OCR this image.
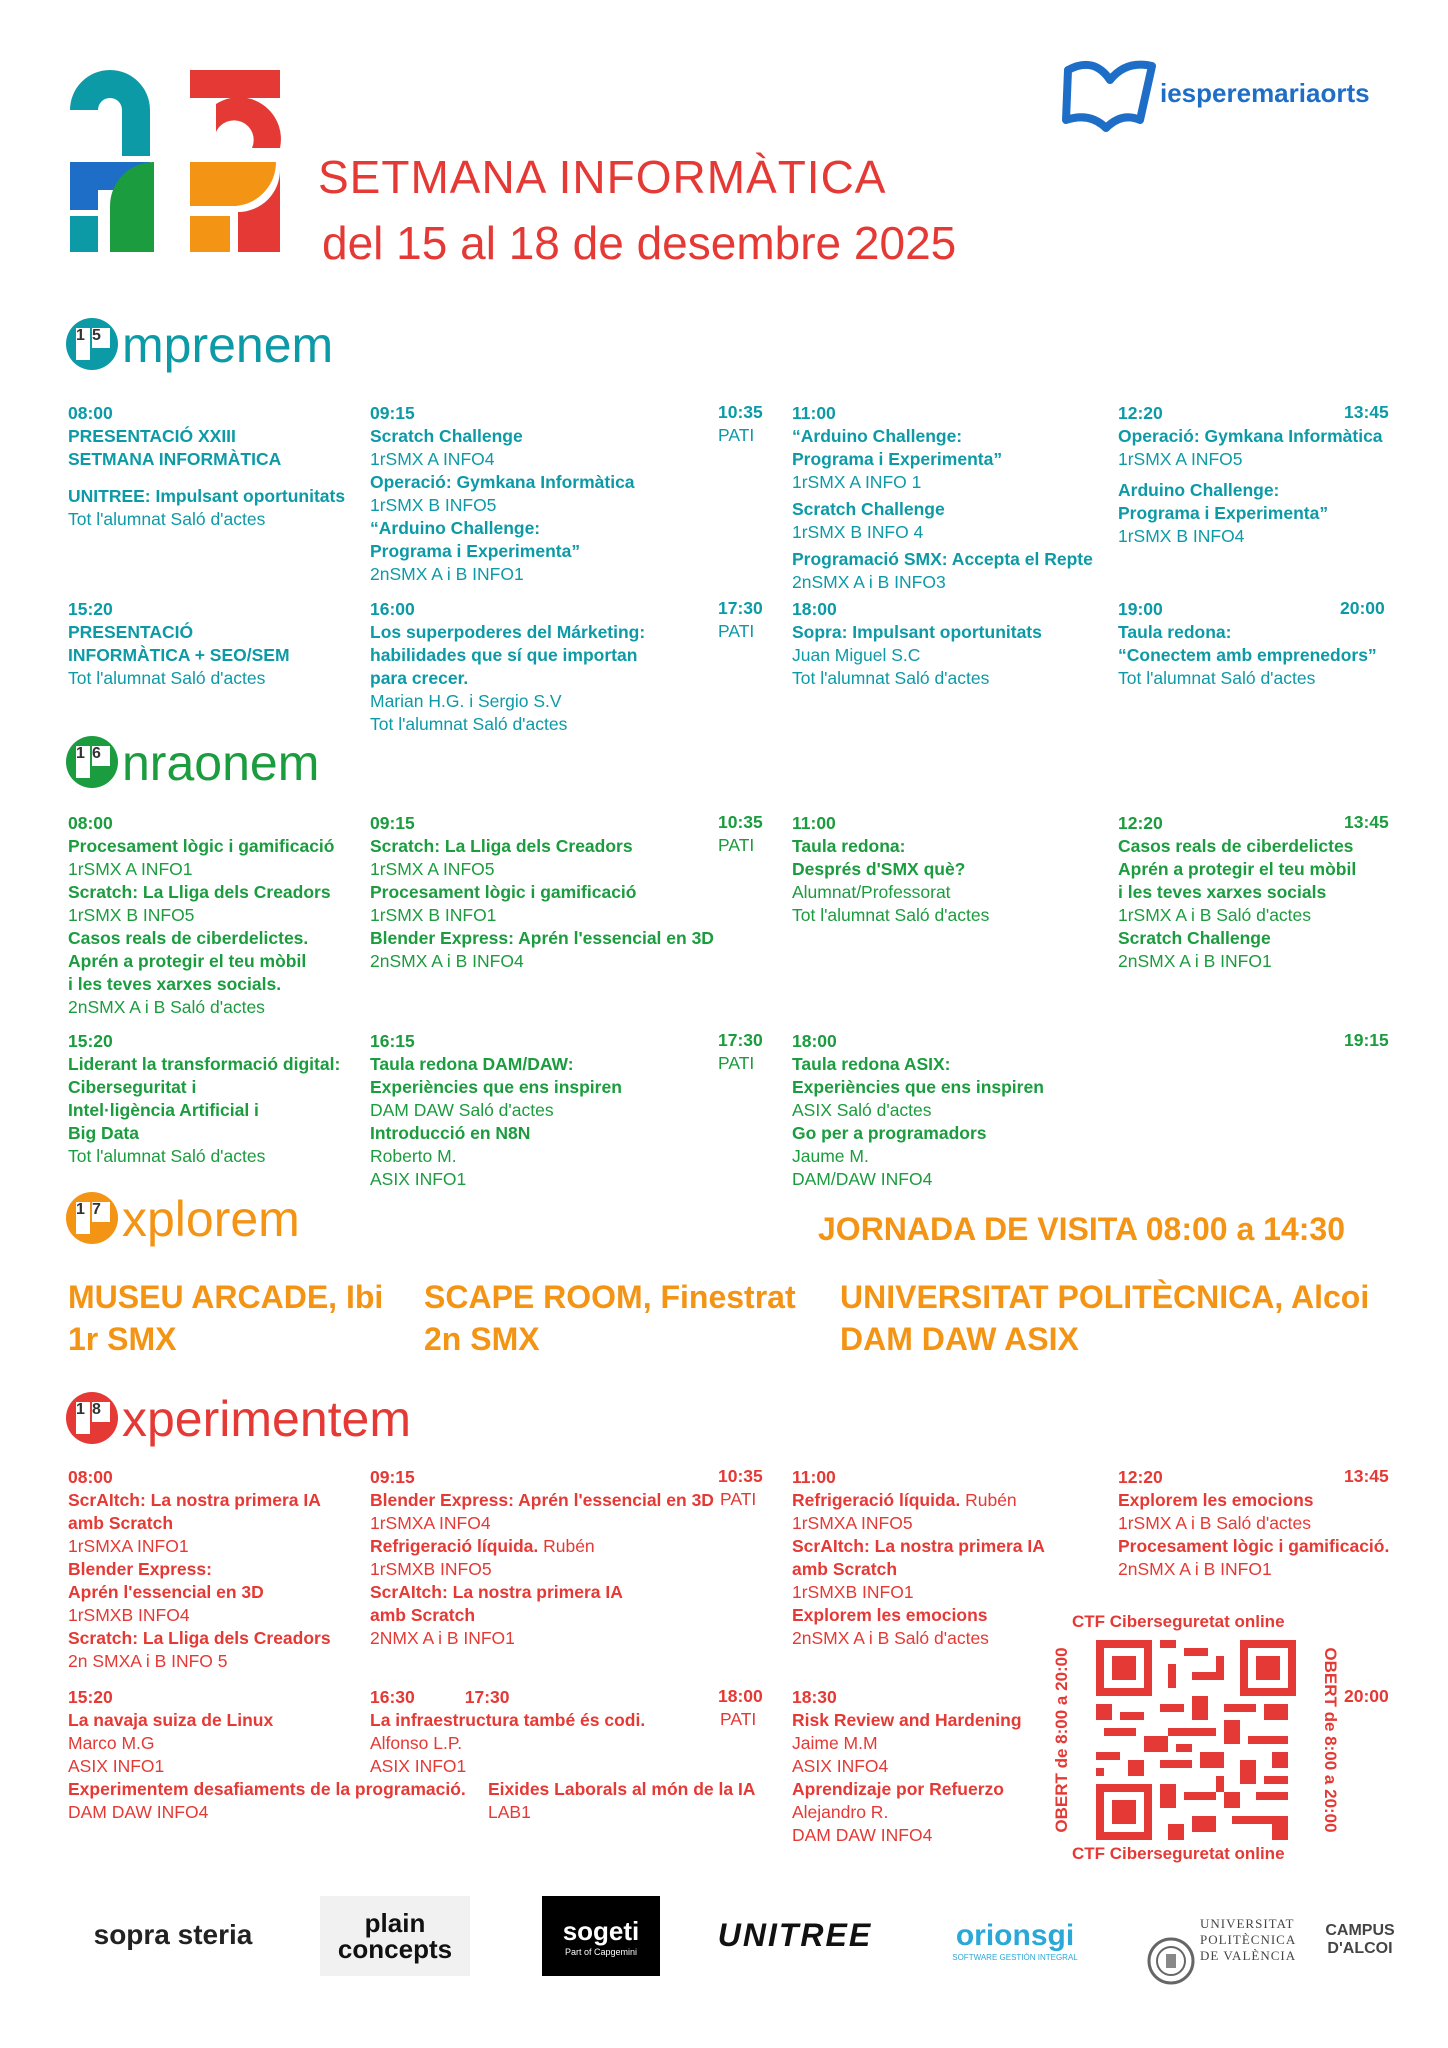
SETMANA INFORMÀTICA
del 15 al 18 de desembre 2025
iesperemariaorts
1 5 mprenem
08:00
PRESENTACIÓ XXIII
SETMANA INFORMÀTICA
UNITREE: Impulsant oportunitats
Tot l'alumnat Saló d'actes
09:15
Scratch Challenge
1rSMX A INFO4
Operació: Gymkana Informàtica
1rSMX B INFO5
“Arduino Challenge:
Programa i Experimenta”
2nSMX A i B INFO1
10:35
PATI
11:00
“Arduino Challenge:
Programa i Experimenta”
1rSMX A INFO 1
Scratch Challenge
1rSMX B INFO 4
Programació SMX: Accepta el Repte
2nSMX A i B INFO3
12:20
Operació: Gymkana Informàtica
1rSMX A INFO5
Arduino Challenge:
Programa i Experimenta”
1rSMX B INFO4
13:45
15:20
PRESENTACIÓ
INFORMÀTICA + SEO/SEM
Tot l'alumnat Saló d'actes
16:00
Los superpoderes del Márketing:
habilidades que sí que importan
para crecer.
Marian H.G. i Sergio S.V
Tot l'alumnat Saló d'actes
17:30
PATI
18:00
Sopra: Impulsant oportunitats
Juan Miguel S.C
Tot l'alumnat Saló d'actes
19:00
Taula redona:
“Conectem amb emprenedors”
Tot l'alumnat Saló d'actes
20:00
1 6 nraonem
08:00
Procesament lògic i gamificació
1rSMX A INFO1
Scratch: La Lliga dels Creadors
1rSMX B INFO5
Casos reals de ciberdelictes.
Aprén a protegir el teu mòbil
i les teves xarxes socials.
2nSMX A i B Saló d'actes
09:15
Scratch: La Lliga dels Creadors
1rSMX A INFO5
Procesament lògic i gamificació
1rSMX B INFO1
Blender Express: Aprén l'essencial en 3D
2nSMX A i B INFO4
10:35
PATI
11:00
Taula redona:
Després d'SMX què?
Alumnat/Professorat
Tot l'alumnat Saló d'actes
12:20
Casos reals de ciberdelictes
Aprén a protegir el teu mòbil
i les teves xarxes socials
1rSMX A i B Saló d'actes
Scratch Challenge
2nSMX A i B INFO1
13:45
15:20
Liderant la transformació digital:
Ciberseguritat i
Intel·ligència Artificial i
Big Data
Tot l'alumnat Saló d'actes
16:15
Taula redona DAM/DAW:
Experiències que ens inspiren
DAM DAW Saló d'actes
Introducció en N8N
Roberto M.
ASIX INFO1
17:30
PATI
18:00
Taula redona ASIX:
Experiències que ens inspiren
ASIX Saló d'actes
Go per a programadors
Jaume M.
DAM/DAW INFO4
19:15
1 7 xplorem	JORNADA DE VISITA 08:00 a 14:30
MUSEU ARCADE, Ibi
1r SMX
SCAPE ROOM, Finestrat
2n SMX
UNIVERSITAT POLITÈCNICA, Alcoi
DAM DAW ASIX
1 8 xperimentem
08:00
ScrAItch: La nostra primera IA
amb Scratch
1rSMXA INFO1
Blender Express:
Aprén l'essencial en 3D
1rSMXB INFO4
Scratch: La Lliga dels Creadors
2n SMXA i B INFO 5
09:15
Blender Express: Aprén l'essencial en 3D
1rSMXA INFO4
Refrigeració líquida. Rubén
1rSMXB INFO5
ScrAItch: La nostra primera IA
amb Scratch
2NMX A i B INFO1
10:35
PATI
11:00
Refrigeració líquida. Rubén
1rSMXA INFO5
ScrAItch: La nostra primera IA
amb Scratch
1rSMXB INFO1
Explorem les emocions
2nSMX A i B Saló d'actes
12:20
Explorem les emocions
1rSMX A i B Saló d'actes
Procesament lògic i gamificació.
2nSMX A i B INFO1
13:45
15:20
La navaja suiza de Linux
Marco M.G
ASIX INFO1
Experimentem desafiaments de la programació.
DAM DAW INFO4
16:30	17:30
La infraestructura també és codi.
Alfonso L.P.
ASIX INFO1
Eixides Laborals al món de la IA
LAB1
18:00
PATI
18:30
Risk Review and Hardening
Jaime M.M
ASIX INFO4
Aprendizaje por Refuerzo
Alejandro R.
DAM DAW INFO4
CTF Ciberseguretat online
CTF Ciberseguretat online
OBERT de 8:00 a 20:00	OBERT de 8:00 a 20:00 20:00
sopra steria	plain
concepts
sogeti
Part of Capgemini	UNITREE	orionsgi
SOFTWARE GESTIÓN INTEGRAL
UNIVERSITAT
POLITÈCNICA
DE VALÈNCIA
CAMPUS
D'ALCOI
